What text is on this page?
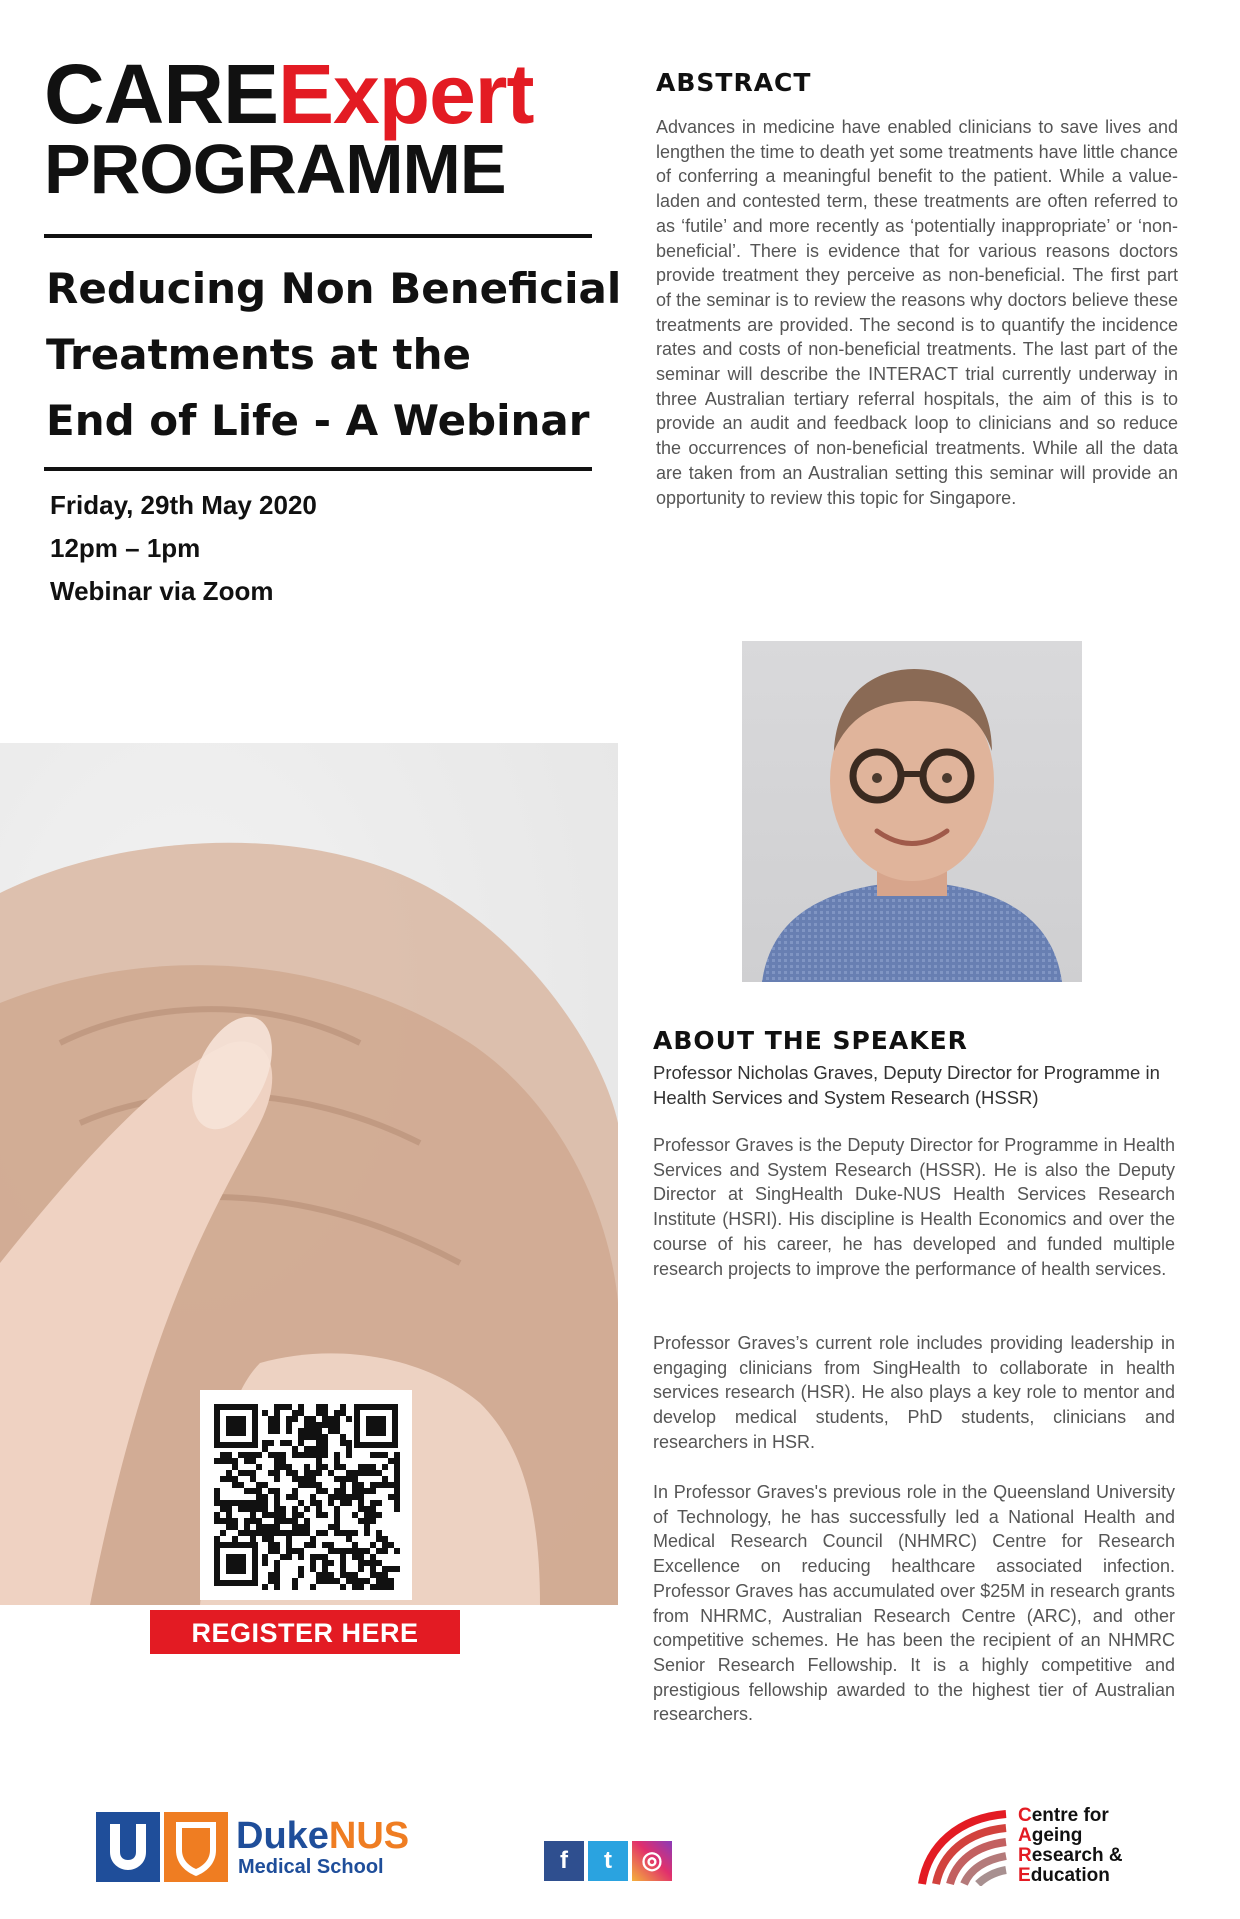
CAREExpert
PROGRAMME
Reducing Non Beneficial
Treatments at the
End of Life - A Webinar
Friday, 29th May 2020
12pm – 1pm
Webinar via Zoom
ABSTRACT
Advances in medicine have enabled clinicians to save lives and lengthen the time to death yet some treatments have little chance of conferring a meaningful benefit to the patient. While a value-laden and contested term, these treatments are often referred to as ‘futile’ and more recently as ‘potentially inappropriate’ or ‘non-beneficial’. There is evidence that for various reasons doctors provide treatment they perceive as non-beneficial. The first part of the seminar is to review the reasons why doctors believe these treatments are provided. The second is to quantify the incidence rates and costs of non-beneficial treatments. The last part of the seminar will describe the INTERACT trial currently underway in three Australian tertiary referral hospitals, the aim of this is to provide an audit and feedback loop to clinicians and so reduce the occurrences of non-beneficial treatments. While all the data are taken from an Australian setting this seminar will provide an opportunity to review this topic for Singapore.
REGISTER HERE
ABOUT THE SPEAKER
Professor Nicholas Graves, Deputy Director for Programme in Health Services and System Research (HSSR)
Professor Graves is the Deputy Director for Programme in Health Services and System Research (HSSR). He is also the Deputy Director at SingHealth Duke-NUS Health Services Research Institute (HSRI). His discipline is Health Economics and over the course of his career, he has developed and funded multiple research projects to improve the performance of health services.
Professor Graves’s current role includes providing leadership in engaging clinicians from SingHealth to collaborate in health services research (HSR). He also plays a key role to mentor and develop medical students, PhD students, clinicians and researchers in HSR.
In Professor Graves's previous role in the Queensland University of Technology, he has successfully led a National Health and Medical Research Council (NHMRC) Centre for Research Excellence on reducing healthcare associated infection. Professor Graves has accumulated over $25M in research grants from NHRMC, Australian Research Centre (ARC), and other competitive schemes. He has been the recipient of an NHMRC Senior Research Fellowship. It is a highly competitive and prestigious fellowship awarded to the highest tier of Australian researchers.
DukeNUS
Medical School	f t ◎
Centre for
Ageing
Research &
Education
